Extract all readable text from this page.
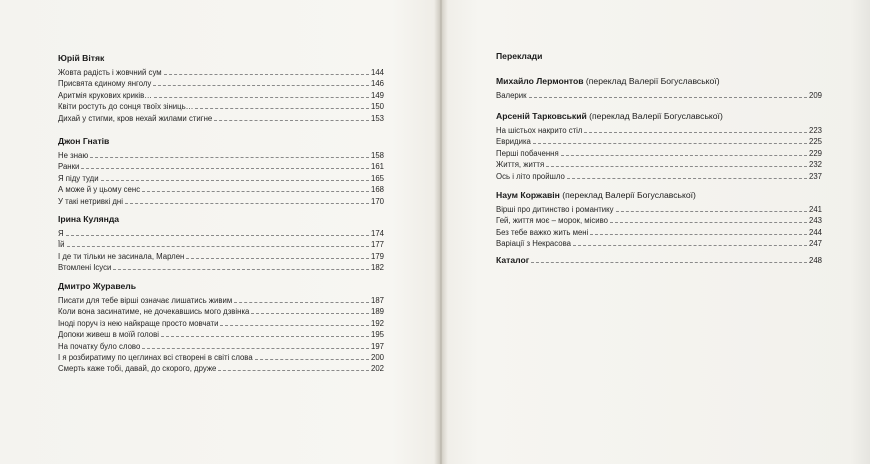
Юрій Вітяк
Жовта радість і жовчний сум	144
Присвята єдиному янголу	146
Аритмія крукових криків…	149
Квіти ростуть до сонця твоїх зіниць…	150
Дихай у стигми, кров нехай жилами стигне	153
Джон Гнатів
Не знаю	158
Ранки	161
Я піду туди	165
А може й у цьому сенс	168
У такі нетривкі дні	170
Ірина Кулянда
Я	174
Їй	177
І де ти тільки не засинала, Марлен	179
Втомлені Ісуси	182
Дмитро Журавель
Писати для тебе вірші означає лишатись живим	187
Коли вона засинатиме, не дочекавшись мого дзвінка	189
Іноді поруч із нею найкраще просто мовчати	192
Допоки живеш в моїй голові	195
На початку було слово	197
І я розбиратиму по цеглинах всі створені в світі слова	200
Смерть каже тобі, давай, до скорого, друже	202
Переклади
Михайло Лермонтов (переклад Валерії Богуславської)
Валерик	209
Арсеній Тарковський (переклад Валерії Богуславської)
На шістьох накрито стіл	223
Евридика	225
Перші побачення	229
Життя, життя	232
Ось і літо пройшло	237
Наум Коржавін (переклад Валерії Богуславської)
Вірші про дитинство і романтику	241
Гей, життя моє – морок, місиво	243
Без тебе важко жить мені	244
Варіації з Некрасова	247
Каталог	248
